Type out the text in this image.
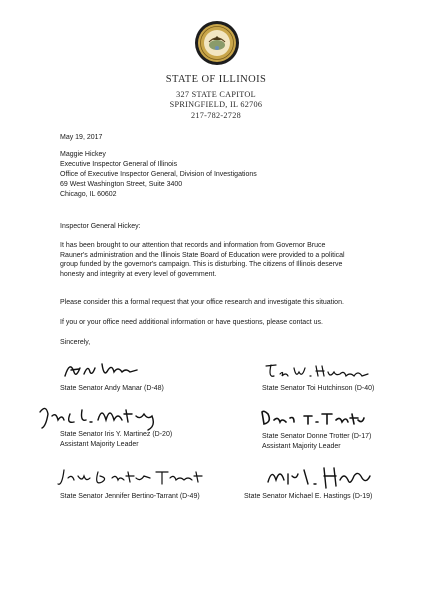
STATE OF ILLINOIS
327 STATE CAPITOL
SPRINGFIELD, IL 62706
217-782-2728
May 19, 2017
Maggie Hickey
Executive Inspector General of Illinois
Office of Executive Inspector General, Division of Investigations
69 West Washington Street, Suite 3400
Chicago, IL 60602
Inspector General Hickey:
It has been brought to our attention that records and information from Governor Bruce
Rauner's administration and the Illinois State Board of Education were provided to a political
group funded by the governor's campaign. This is disturbing. The citizens of Illinois deserve
honesty and integrity at every level of government.
Please consider this a formal request that your office research and investigate this situation.
If you or your office need additional information or have questions, please contact us.
Sincerely,
State Senator Andy Manar (D-48)	State Senator Toi Hutchinson (D-40)
State Senator Iris Y. Martinez (D-20)
Assistant Majority Leader
State Senator Donne Trotter (D-17)
Assistant Majority Leader
State Senator Jennifer Bertino-Tarrant (D-49)	State Senator Michael E. Hastings (D-19)
